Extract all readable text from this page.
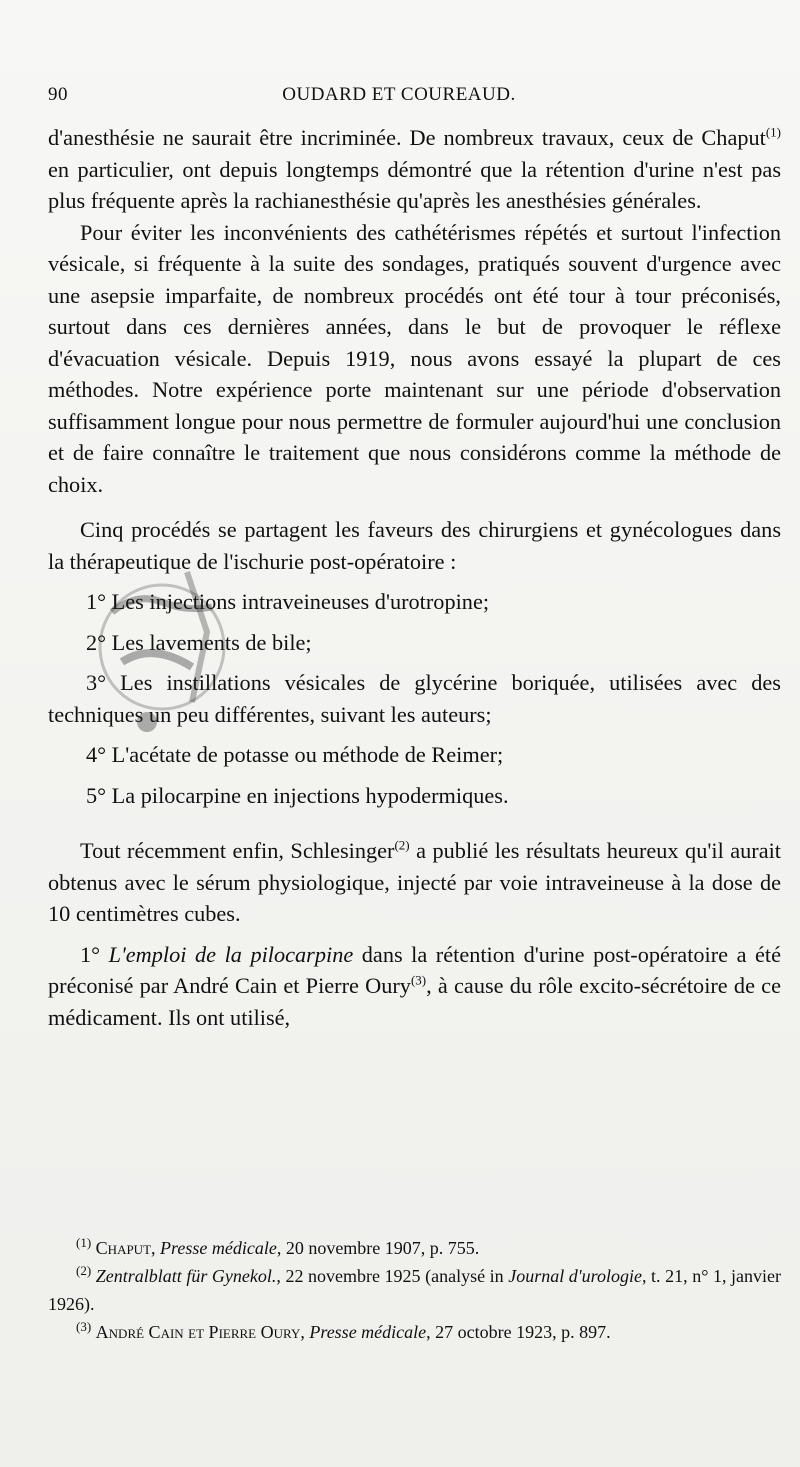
90	OUDARD ET COUREAUD.

d'anesthésie ne saurait être incriminée. De nombreux travaux, ceux de Chaput$^{(1)}$ en particulier, ont depuis longtemps démontré que la rétention d'urine n'est pas plus fréquente après la rachianesthésie qu'après les anesthésies générales.

Pour éviter les inconvénients des cathétérismes répétés et surtout l'infection vésicale, si fréquente à la suite des sondages, pratiqués souvent d'urgence avec une asepsie imparfaite, de nombreux procédés ont été tour à tour préconisés, surtout dans ces dernières années, dans le but de provoquer le réflexe d'évacuation vésicale. Depuis 1919, nous avons essayé la plupart de ces méthodes. Notre expérience porte maintenant sur une période d'observation suffisamment longue pour nous permettre de formuler aujourd'hui une conclusion et de faire connaître le traitement que nous considérons comme la méthode de choix.

Cinq procédés se partagent les faveurs des chirurgiens et gynécologues dans la thérapeutique de l'ischurie post-opératoire :

1° Les injections intraveineuses d'urotropine;

2° Les lavements de bile;

3° Les instillations vésicales de glycérine boriquée, utilisées avec des techniques un peu différentes, suivant les auteurs;

4° L'acétate de potasse ou méthode de Reimer;

5° La pilocarpine en injections hypodermiques.

Tout récemment enfin, Schlesinger$^{(2)}$ a publié les résultats heureux qu'il aurait obtenus avec le sérum physiologique, injecté par voie intraveineuse à la dose de 10 centimètres cubes.

1° L'emploi de la pilocarpine dans la rétention d'urine post-opératoire a été préconisé par André Cain et Pierre Oury$^{(3)}$, à cause du rôle excito-sécrétoire de ce médicament. Ils ont utilisé,

$^{(1)}$ Chaput, Presse médicale, 20 novembre 1907, p. 755.

$^{(2)}$ Zentralblatt für Gynekol., 22 novembre 1925 (analysé in Journal d'urologie, t. 21, n° 1, janvier 1926).

$^{(3)}$ André Cain et Pierre Oury, Presse médicale, 27 octobre 1923, p. 897.
